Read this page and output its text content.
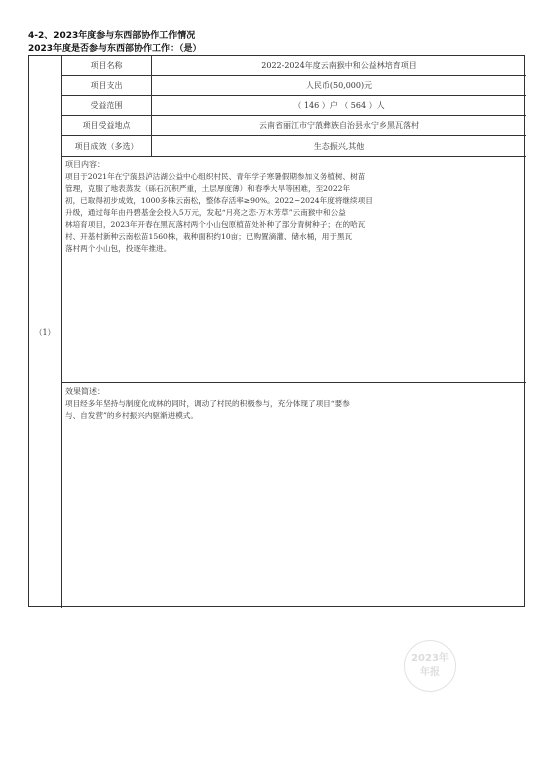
4-2、2023年度参与东西部协作工作情况
2023年度是否参与东西部协作工作：（是）
（1）
项目名称	2022-2024年度云南猴中和公益林培育项目
项目支出	人民币(50,000)元
受益范围	（ 146 ）户 （ 564 ）人
项目受益地点	云南省丽江市宁蒗彝族自治县永宁乡黑瓦落村
项目成效（多选）	生态振兴,其他
项目内容：
项目于2021年在宁蒗县泸沽湖公益中心组织村民、青年学子寒暑假期参加义务植树、树苗
管理，克服了地表蒸发（砾石沉积严重，土层厚度薄）和春季大旱等困难，至2022年
初，已取得初步成效，1000多株云南松，整体存活率≥90%。2022~2024年度将继续项目
升级，通过每年由丹碧基金会投入5万元，发起“月亮之恋·万木芳草”云南猴中和公益
林培育项目，2023年开春在黑瓦落村两个小山包原植苗处补种了部分青树种子；在的哈瓦
村、开基村新种云南松苗1560株，栽种面积约10亩；已购置滴灌、储水桶，用于黑瓦
落村两个小山包，投逐年推进。
效果简述：
项目经多年坚持与制度化成林的同时，调动了村民的积极参与，充分体现了项目“要参
与、自发营”的乡村振兴内驱渐进模式。
2023年
年报
